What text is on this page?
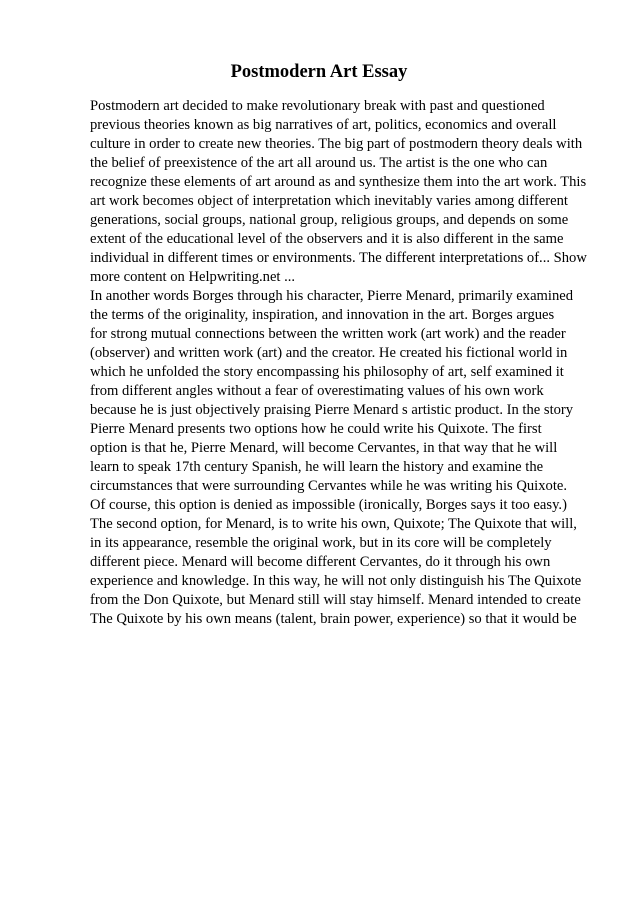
Postmodern Art Essay
Postmodern art decided to make revolutionary break with past and questioned
previous theories known as big narratives of art, politics, economics and overall
culture in order to create new theories. The big part of postmodern theory deals with
the belief of preexistence of the art all around us. The artist is the one who can
recognize these elements of art around as and synthesize them into the art work. This
art work becomes object of interpretation which inevitably varies among different
generations, social groups, national group, religious groups, and depends on some
extent of the educational level of the observers and it is also different in the same
individual in different times or environments. The different interpretations of... Show
more content on Helpwriting.net ...
In another words Borges through his character, Pierre Menard, primarily examined
the terms of the originality, inspiration, and innovation in the art. Borges argues
for strong mutual connections between the written work (art work) and the reader
(observer) and written work (art) and the creator. He created his fictional world in
which he unfolded the story encompassing his philosophy of art, self examined it
from different angles without a fear of overestimating values of his own work
because he is just objectively praising Pierre Menard s artistic product. In the story
Pierre Menard presents two options how he could write his Quixote. The first
option is that he, Pierre Menard, will become Cervantes, in that way that he will
learn to speak 17th century Spanish, he will learn the history and examine the
circumstances that were surrounding Cervantes while he was writing his Quixote.
Of course, this option is denied as impossible (ironically, Borges says it too easy.)
The second option, for Menard, is to write his own, Quixote; The Quixote that will,
in its appearance, resemble the original work, but in its core will be completely
different piece. Menard will become different Cervantes, do it through his own
experience and knowledge. In this way, he will not only distinguish his The Quixote
from the Don Quixote, but Menard still will stay himself. Menard intended to create
The Quixote by his own means (talent, brain power, experience) so that it would be
